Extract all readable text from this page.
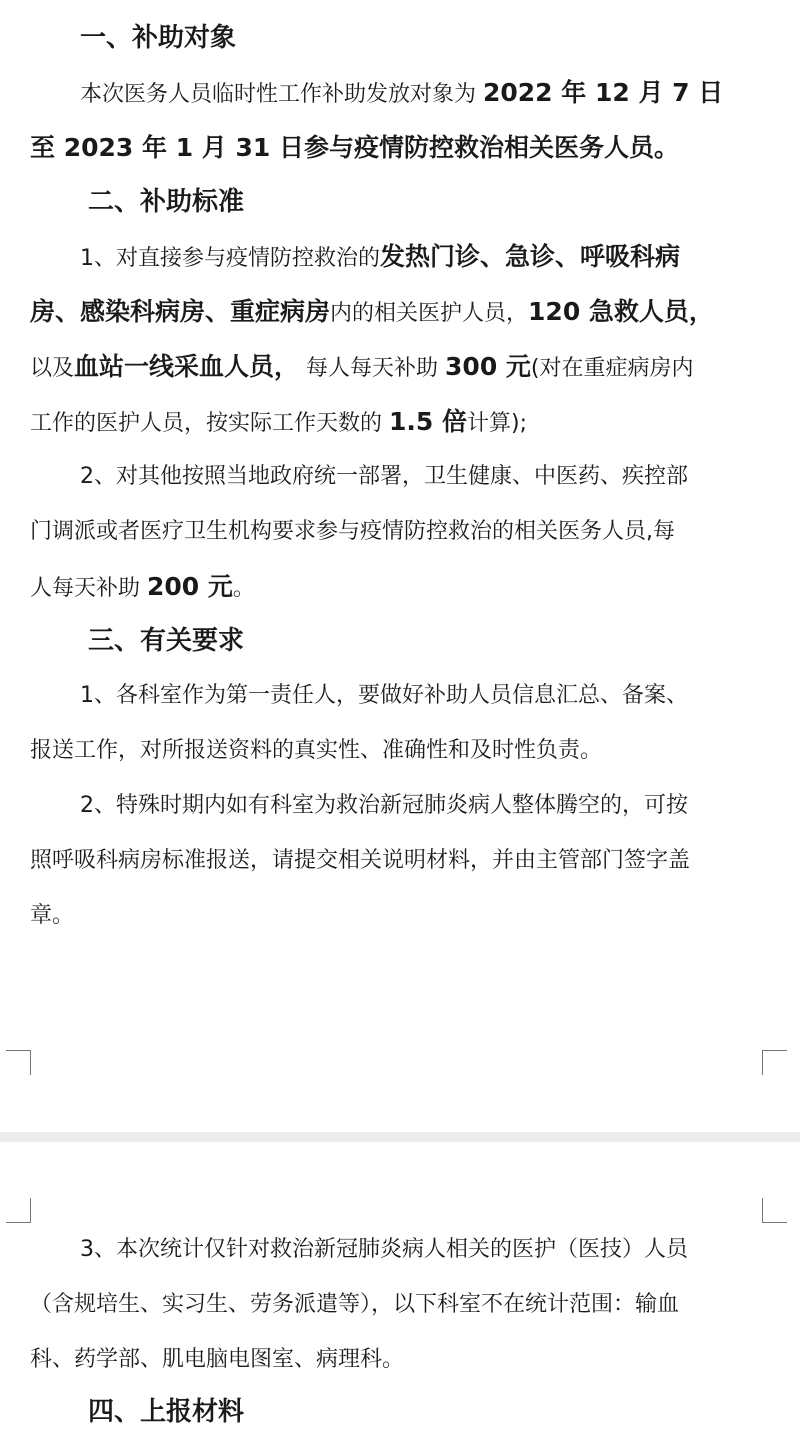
一、补助对象
本次医务人员临时性工作补助发放对象为 2022 年 12 月 7 日
至 2023 年 1 月 31 日参与疫情防控救治相关医务人员。
二、补助标准
1、对直接参与疫情防控救治的发热门诊、急诊、呼吸科病
房、感染科病房、重症病房内的相关医护人员，120 急救人员，
以及血站一线采血人员， 每人每天补助 300 元(对在重症病房内
工作的医护人员，按实际工作天数的 1.5 倍计算);
2、对其他按照当地政府统一部署，卫生健康、中医药、疾控部
门调派或者医疗卫生机构要求参与疫情防控救治的相关医务人员,每
人每天补助 200 元。
三、有关要求
1、各科室作为第一责任人，要做好补助人员信息汇总、备案、
报送工作，对所报送资料的真实性、准确性和及时性负责。
2、特殊时期内如有科室为救治新冠肺炎病人整体腾空的，可按
照呼吸科病房标准报送，请提交相关说明材料，并由主管部门签字盖
章。
3、本次统计仅针对救治新冠肺炎病人相关的医护（医技）人员
（含规培生、实习生、劳务派遣等），以下科室不在统计范围：输血
科、药学部、肌电脑电图室、病理科。
四、上报材料
